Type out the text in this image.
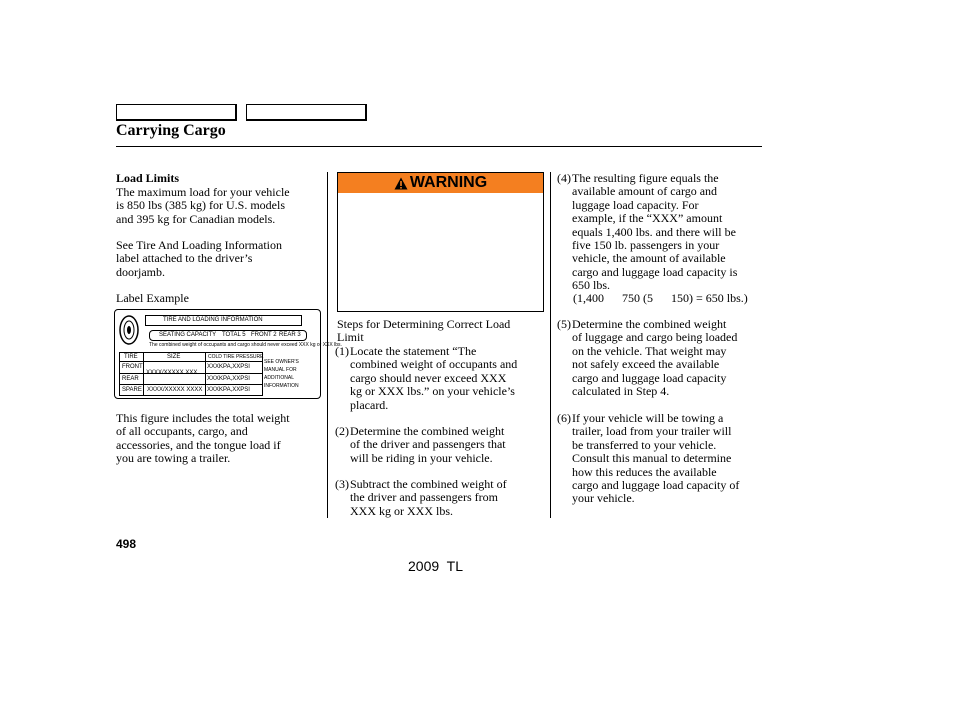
Carrying Cargo
Load Limits
The maximum load for your vehicle
is 850 lbs (385 kg) for U.S. models
and 395 kg for Canadian models.
See Tire And Loading Information
label attached to the driver’s
doorjamb.
Label Example
TIRE AND LOADING INFORMATION
SEATING CAPACITY TOTAL 5 FRONT 2 REAR 3
The combined weight of occupants and cargo should never exceed XXX kg or XXX lbs.
TIRE	SIZE	COLD TIRE PRESSURE
FRONT
REAR
SPARE
XXXX/XXXXX XXX
XXXX/XXXXX XXXX
XXXKPA,XXPSI
XXXKPA,XXPSI
XXXKPA,XXPSI
SEE OWNER'S
MANUAL FOR
ADDITIONAL
INFORMATION
This figure includes the total weight
of all occupants, cargo, and
accessories, and the tongue load if
you are towing a trailer.
WARNING
Steps for Determining Correct Load
Limit
(1) Locate the statement “The
combined weight of occupants and
cargo should never exceed XXX
kg or XXX lbs.” on your vehicle’s
placard.
(2) Determine the combined weight
of the driver and passengers that
will be riding in your vehicle.
(3) Subtract the combined weight of
the driver and passengers from
XXX kg or XXX lbs.
(4) The resulting figure equals the
available amount of cargo and
luggage load capacity. For
example, if the “XXX” amount
equals 1,400 lbs. and there will be
five 150 lb. passengers in your
vehicle, the amount of available
cargo and luggage load capacity is
650 lbs.
(1,400      750 (5      150) = 650 lbs.)
(5) Determine the combined weight
of luggage and cargo being loaded
on the vehicle. That weight may
not safely exceed the available
cargo and luggage load capacity
calculated in Step 4.
(6) If your vehicle will be towing a
trailer, load from your trailer will
be transferred to your vehicle.
Consult this manual to determine
how this reduces the available
cargo and luggage load capacity of
your vehicle.
498
2009  TL
